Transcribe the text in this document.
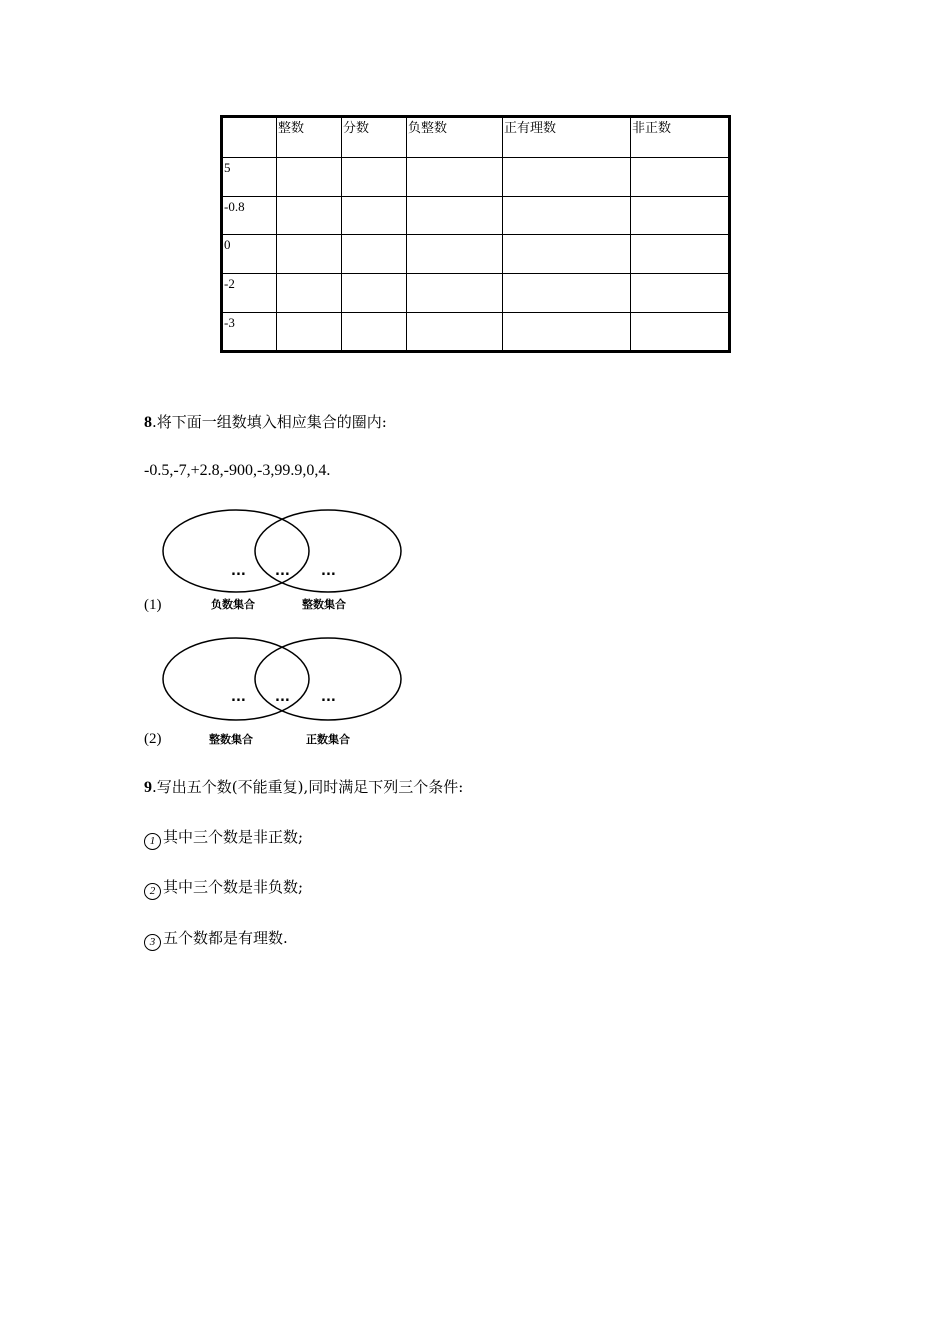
	整数	分数	负整数	正有理数	非正数
5					
-0.8					
0					
-2					
-3					
8.将下面一组数填入相应集合的圈内:
-0.5,-7,+2.8,-900,-3,99.9,0,4.
... ... ...
负数集合	整数集合
(1)
... ... ...
整数集合	正数集合
(2)
9.写出五个数(不能重复),同时满足下列三个条件:
1 其中三个数是非正数;
2 其中三个数是非负数;
3 五个数都是有理数.
